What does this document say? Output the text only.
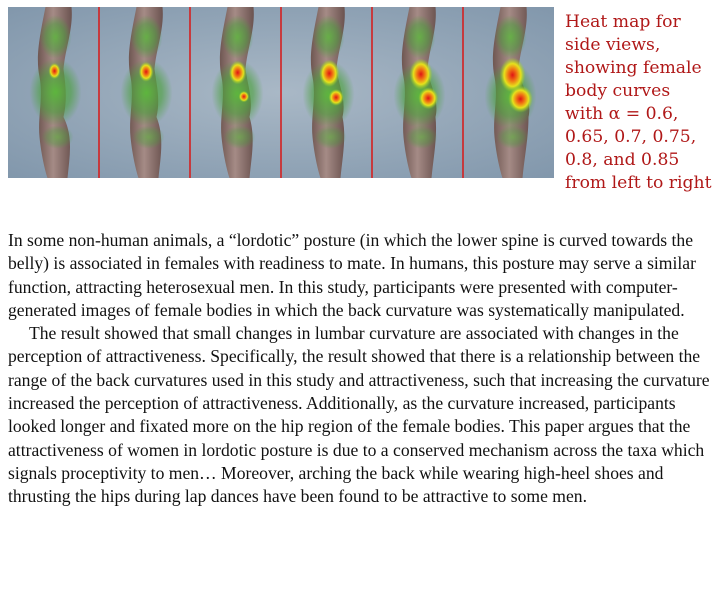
Heat map for
side views,
showing female
body curves
with α = 0.6,
0.65, 0.7, 0.75,
0.8, and 0.85
from left to right

In some non-human animals, a “lordotic” posture (in which the lower spine is curved towards the belly) is associated in females with readiness to mate. In humans, this posture may serve a similar function, attracting heterosexual men. In this study, participants were presented with computer-generated images of female bodies in which the back curvature was systematically manipulated.

The result showed that small changes in lumbar curvature are associated with changes in the perception of attractiveness. Specifically, the result showed that there is a relationship between the range of the back curvatures used in this study and attractiveness, such that increasing the curvature increased the perception of attractiveness. Additionally, as the curvature increased, participants looked longer and fixated more on the hip region of the female bodies. This paper argues that the attractiveness of women in lordotic posture is due to a conserved mechanism across the taxa which signals proceptivity to men… Moreover, arching the back while wearing high-heel shoes and thrusting the hips during lap dances have been found to be attractive to some men.
